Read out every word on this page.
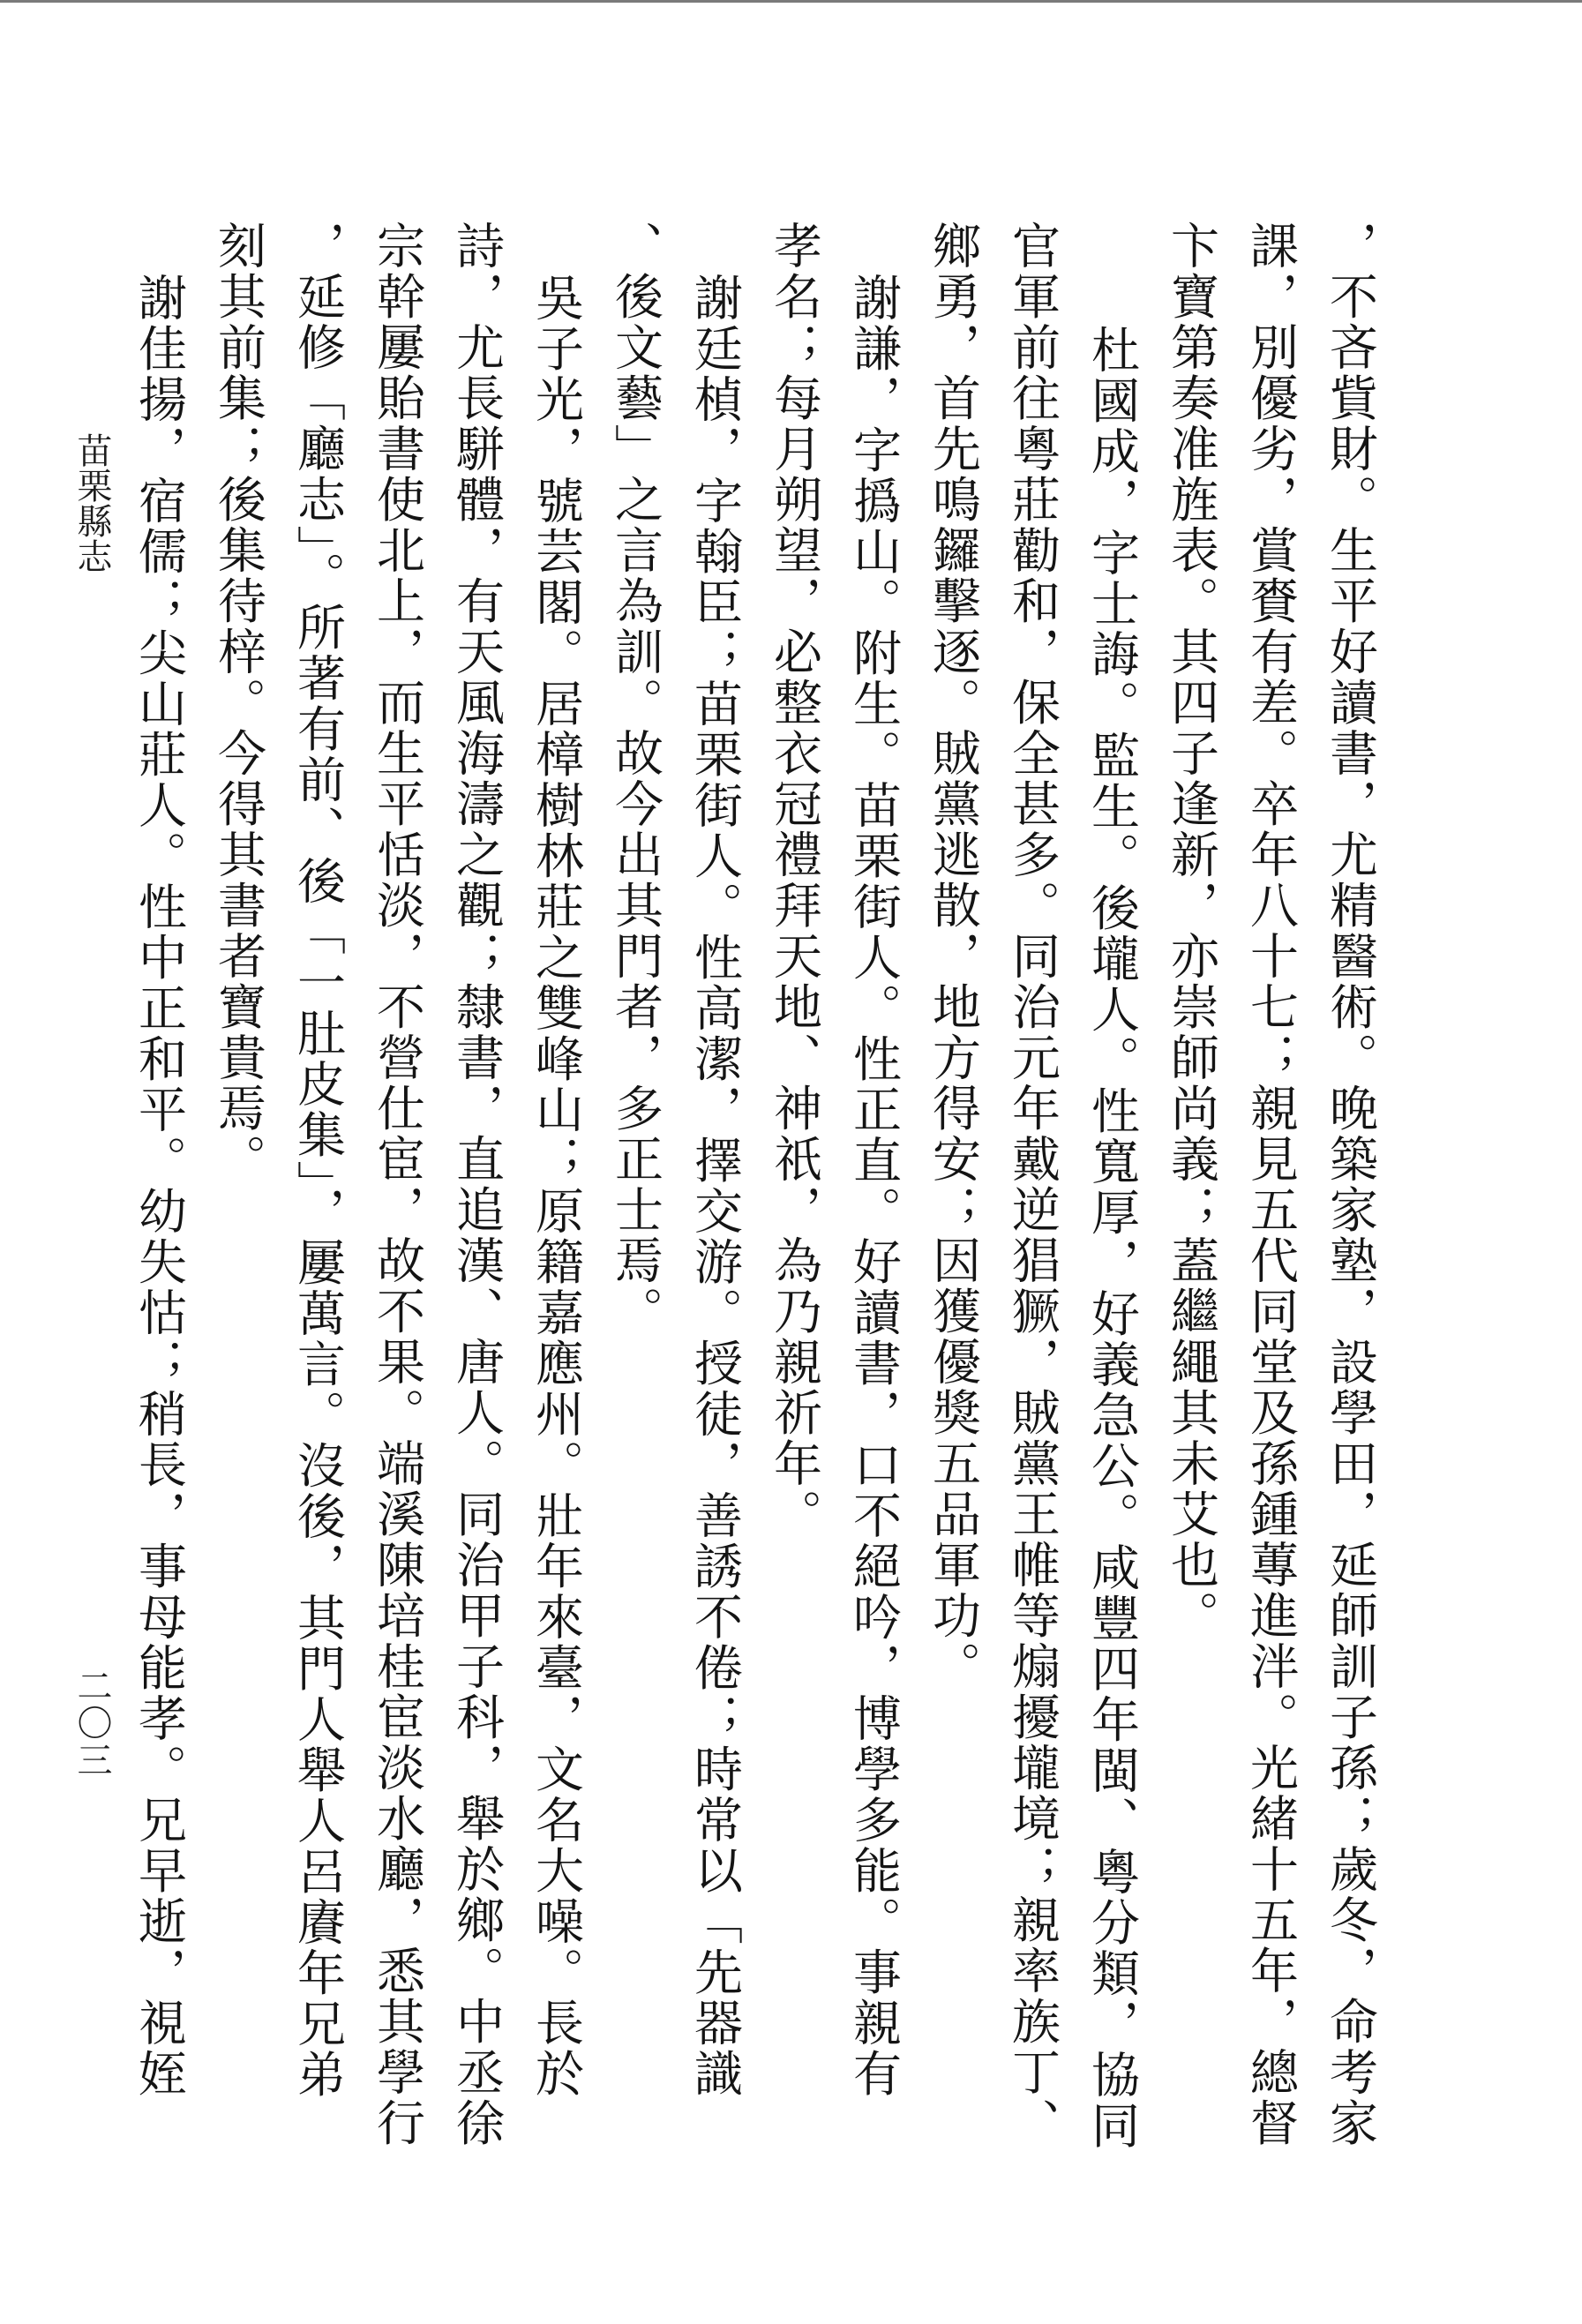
，不吝貲財。生平好讀書，尤精醫術。晚築家塾，設學田，延師訓子孫；歲冬，命考家
課，別優劣，賞賚有差。卒年八十七；親見五代同堂及孫鍾蓴進泮。光緒十五年，總督
卞寶第奏准旌表。其四子逢新，亦崇師尚義；蓋繼繩其未艾也。
杜國成，字士誨。監生。後壠人。性寬厚，好義急公。咸豐四年閩、粵分類，協同
官軍前往粵莊勸和，保全甚多。同治元年戴逆猖獗，賊黨王帷等煽擾壠境；親率族丁、
鄉勇，首先鳴鑼擊逐。賊黨逃散，地方得安；因獲優獎五品軍功。
謝謙，字撝山。附生。苗栗街人。性正直。好讀書，口不絕吟，博學多能。事親有
孝名；每月朔望，必整衣冠禮拜天地、神祇，為乃親祈年。
謝廷楨，字翰臣；苗栗街人。性高潔，擇交游。授徒，善誘不倦；時常以「先器識
、後文藝」之言為訓。故今出其門者，多正士焉。
吳子光，號芸閣。居樟樹林莊之雙峰山；原籍嘉應州。壯年來臺，文名大噪。長於
詩，尤長駢體，有天風海濤之觀；隸書，直追漢、唐人。同治甲子科，舉於鄉。中丞徐
宗幹屢貽書使北上，而生平恬淡，不營仕宦，故不果。端溪陳培桂宦淡水廳，悉其學行
，延修「廳志」。所著有前、後「一肚皮集」，屢萬言。沒後，其門人舉人呂賡年兄弟
刻其前集；後集待梓。今得其書者寶貴焉。
謝佳揚，宿儒；尖山莊人。性中正和平。幼失怙；稍長，事母能孝。兄早逝，視姪
苗栗縣志
二〇三
